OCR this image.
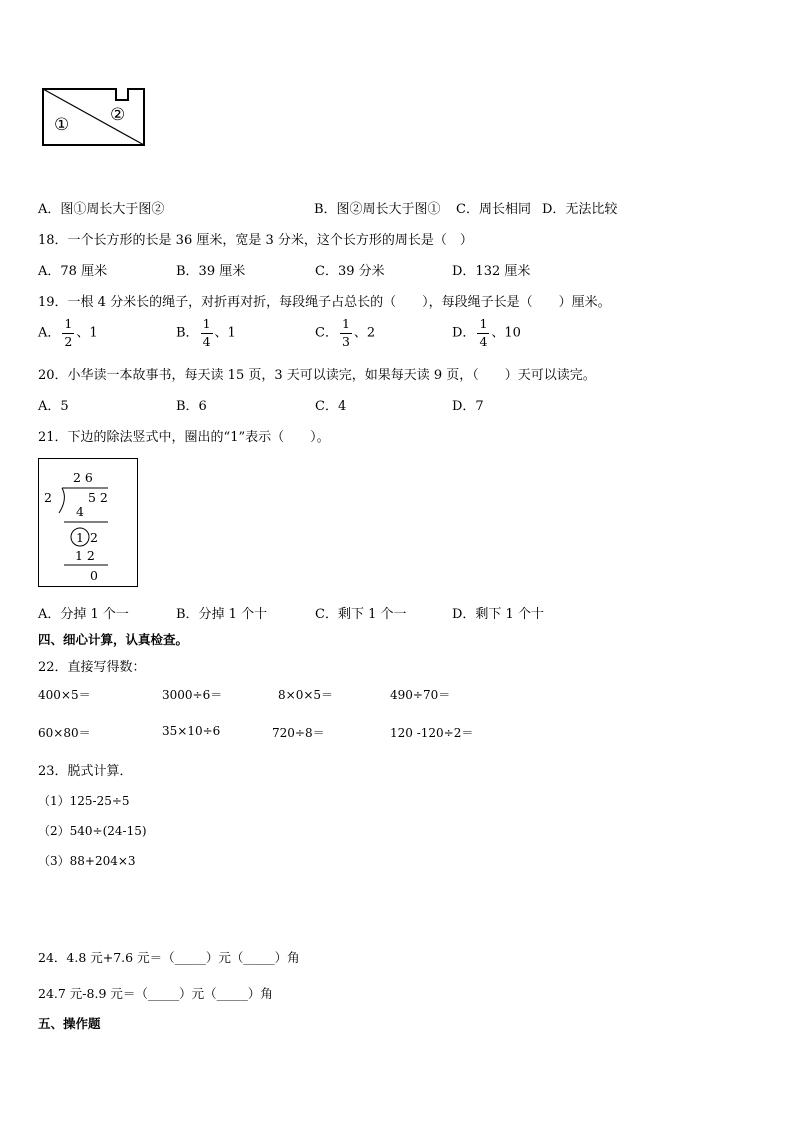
① ②
A．图①周长大于图②	B．图②周长大于图① C．周长相同 D．无法比较
18．一个长方形的长是 36 厘米，宽是 3 分米，这个长方形的周长是（　）
A．78 厘米	B．39 厘米	C．39 分米	D．132 厘米
19．一根 4 分米长的绳子，对折再对折，每段绳子占总长的（　　），每段绳子长是（　　）厘米。
A． $\frac{1}{2}$ 、1	B． $\frac{1}{4}$ 、1	C． $\frac{1}{3}$ 、2	D． $\frac{1}{4}$ 、10
20．小华读一本故事书，每天读 15 页，3 天可以读完，如果每天读 9 页，（　　）天可以读完。
A．5	B．6	C．4	D．7
21．下边的除法竖式中，圈出的“1”表示（　　）。
2 6
2	5 2
4
1 2
1 2
0
A．分掉 1 个一	B．分掉 1 个十	C．剩下 1 个一	D．剩下 1 个十
四、细心计算，认真检查。
22．直接写得数：
400×5＝	3000÷6＝	8×0×5＝	490÷70＝
60×80＝	35×10÷6	720÷8＝	120 -120÷2＝
23．脱式计算．
（1）125-25÷5
（2）540÷(24-15)
（3）88+204×3
24．4.8 元+7.6 元＝（_____）元（_____）角
24.7 元-8.9 元＝（_____）元（_____）角
五、操作题
